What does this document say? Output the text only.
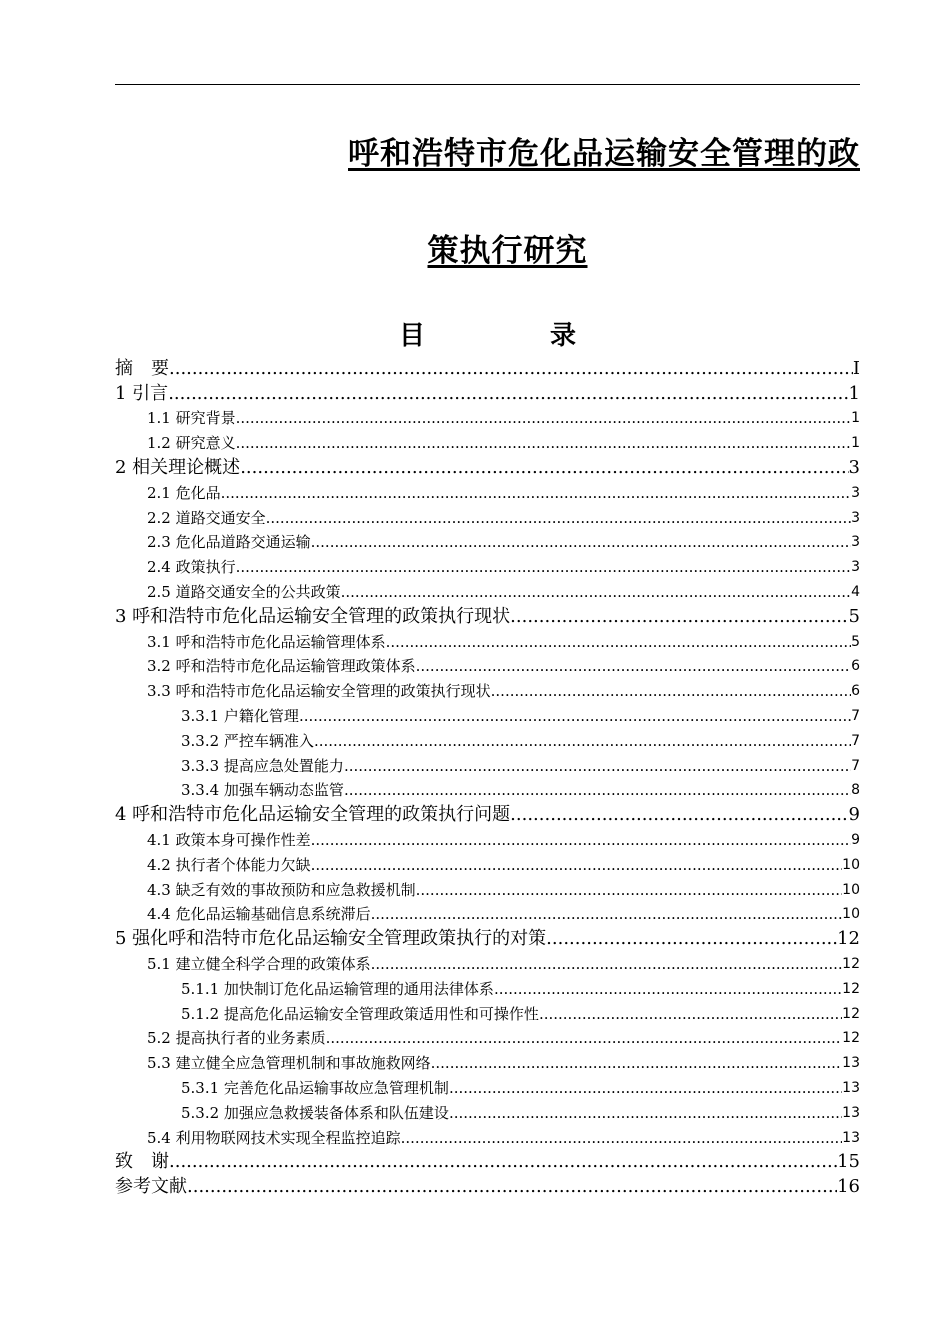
呼和浩特市危化品运输安全管理的政
策执行研究
目 录
摘　要 .....	I
1 引言 .....	1
1.1 研究背景 .....	1
1.2 研究意义 .....	1
2 相关理论概述 .....	3
2.1 危化品 .....	3
2.2 道路交通安全 .....	3
2.3 危化品道路交通运输 .....	3
2.4 政策执行 .....	3
2.5 道路交通安全的公共政策 .....	4
3 呼和浩特市危化品运输安全管理的政策执行现状 .....	5
3.1 呼和浩特市危化品运输管理体系 .....	5
3.2 呼和浩特市危化品运输管理政策体系 .....	6
3.3 呼和浩特市危化品运输安全管理的政策执行现状 .....	6
3.3.1 户籍化管理 .....	7
3.3.2 严控车辆准入 .....	7
3.3.3 提高应急处置能力 .....	7
3.3.4 加强车辆动态监管 .....	8
4 呼和浩特市危化品运输安全管理的政策执行问题 .....	9
4.1 政策本身可操作性差 .....	9
4.2 执行者个体能力欠缺 .....	10
4.3 缺乏有效的事故预防和应急救援机制 .....	10
4.4 危化品运输基础信息系统滞后 .....	10
5 强化呼和浩特市危化品运输安全管理政策执行的对策 .....	12
5.1 建立健全科学合理的政策体系 .....	12
5.1.1 加快制订危化品运输管理的通用法律体系 .....	12
5.1.2 提高危化品运输安全管理政策适用性和可操作性 .....	12
5.2 提高执行者的业务素质 .....	12
5.3 建立健全应急管理机制和事故施救网络 .....	13
5.3.1 完善危化品运输事故应急管理机制 .....	13
5.3.2 加强应急救援装备体系和队伍建设 .....	13
5.4 利用物联网技术实现全程监控追踪 .....	13
致　谢 .....	15
参考文献 .....	16
